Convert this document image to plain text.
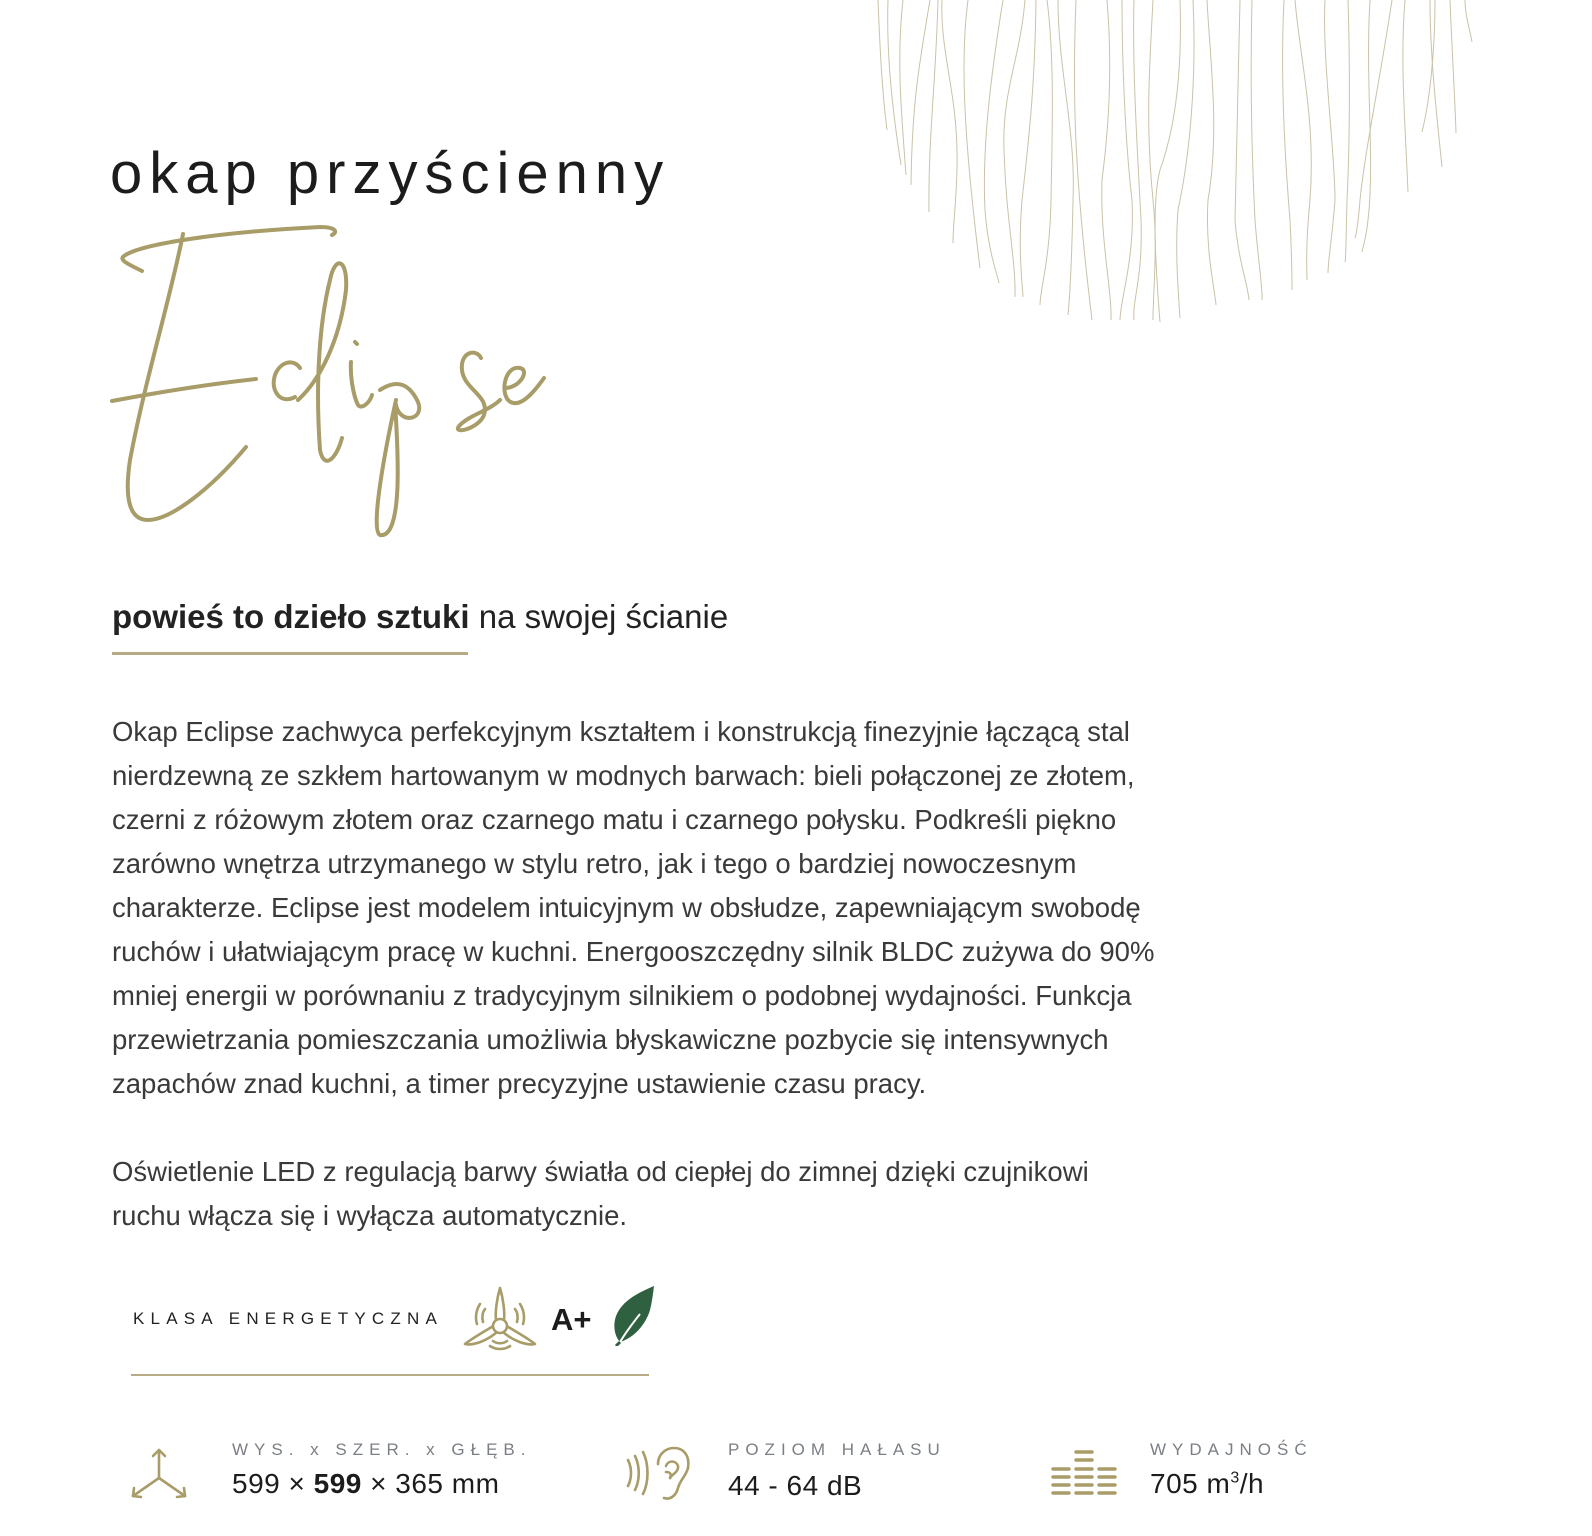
okap przyścienny
powieś to dzieło sztuki na swojej ścianie

Okap Eclipse zachwyca perfekcyjnym kształtem i konstrukcją finezyjnie łączącą stal

nierdzewną ze szkłem hartowanym w modnych barwach: bieli połączonej ze złotem,

czerni z różowym złotem oraz czarnego matu i czarnego połysku. Podkreśli piękno

zarówno wnętrza utrzymanego w stylu retro, jak i tego o bardziej nowoczesnym

charakterze. Eclipse jest modelem intuicyjnym w obsłudze, zapewniającym swobodę

ruchów i ułatwiającym pracę w kuchni. Energooszczędny silnik BLDC zużywa do 90%

mniej energii w porównaniu z tradycyjnym silnikiem o podobnej wydajności. Funkcja

przewietrzania pomieszczania umożliwia błyskawiczne pozbycie się intensywnych

zapachów znad kuchni, a timer precyzyjne ustawienie czasu pracy.

Oświetlenie LED z regulacją barwy światła od ciepłej do zimnej dzięki czujnikowi

ruchu włącza się i wyłącza automatycznie.

KLASA ENERGETYCZNA	A+
WYS. x SZER. x GŁĘB.
599 × 599 × 365 mm
POZIOM HAŁASU
44 - 64 dB
WYDAJNOŚĆ
705 $m^3/h$
